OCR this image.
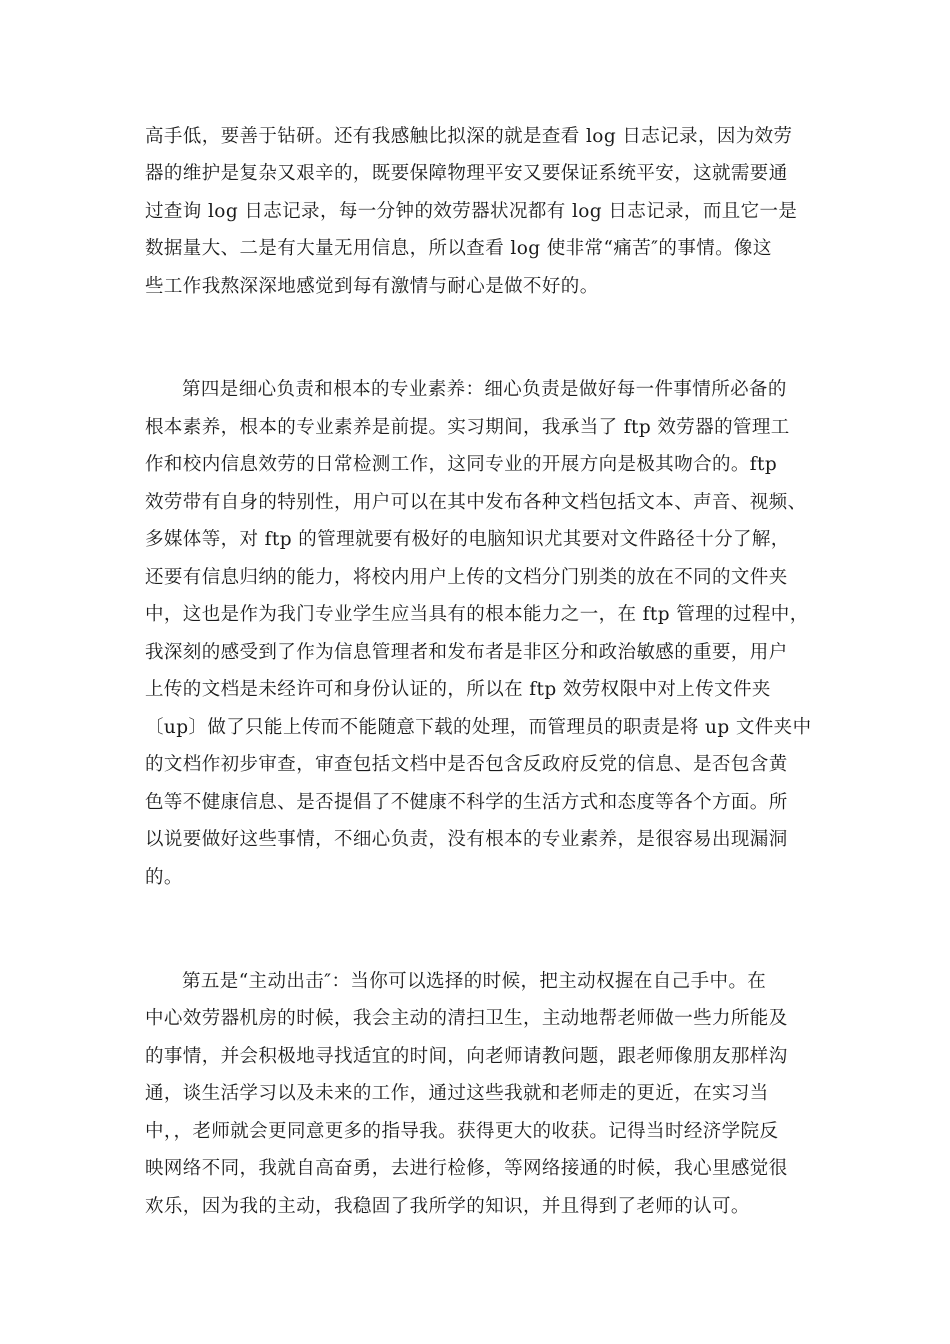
高手低，要善于钻研。还有我感触比拟深的就是查看 log 日志记录，因为效劳
器的维护是复杂又艰辛的，既要保障物理平安又要保证系统平安，这就需要通
过查询 log 日志记录，每一分钟的效劳器状况都有 log 日志记录，而且它一是
数据量大、二是有大量无用信息，所以查看 log 使非常“痛苦″的事情。像这
些工作我熬深深地感觉到每有激情与耐心是做不好的。
第四是细心负责和根本的专业素养：细心负责是做好每一件事情所必备的
根本素养，根本的专业素养是前提。实习期间，我承当了 ftp 效劳器的管理工
作和校内信息效劳的日常检测工作，这同专业的开展方向是极其吻合的。ftp
效劳带有自身的特别性，用户可以在其中发布各种文档包括文本、声音、视频、
多媒体等，对 ftp 的管理就要有极好的电脑知识尤其要对文件路径十分了解，
还要有信息归纳的能力，将校内用户上传的文档分门别类的放在不同的文件夹
中，这也是作为我门专业学生应当具有的根本能力之一，在 ftp 管理的过程中，
我深刻的感受到了作为信息管理者和发布者是非区分和政治敏感的重要，用户
上传的文档是未经许可和身份认证的，所以在 ftp 效劳权限中对上传文件夹
〔up〕做了只能上传而不能随意下载的处理，而管理员的职责是将 up 文件夹中
的文档作初步审查，审查包括文档中是否包含反政府反党的信息、是否包含黄
色等不健康信息、是否提倡了不健康不科学的生活方式和态度等各个方面。所
以说要做好这些事情，不细心负责，没有根本的专业素养，是很容易出现漏洞
的。
第五是“主动出击″：当你可以选择的时候，把主动权握在自己手中。在
中心效劳器机房的时候，我会主动的清扫卫生，主动地帮老师做一些力所能及
的事情，并会积极地寻找适宜的时间，向老师请教问题，跟老师像朋友那样沟
通，谈生活学习以及未来的工作，通过这些我就和老师走的更近，在实习当
中，，老师就会更同意更多的指导我。获得更大的收获。记得当时经济学院反
映网络不同，我就自高奋勇，去进行检修，等网络接通的时候，我心里感觉很
欢乐，因为我的主动，我稳固了我所学的知识，并且得到了老师的认可。
